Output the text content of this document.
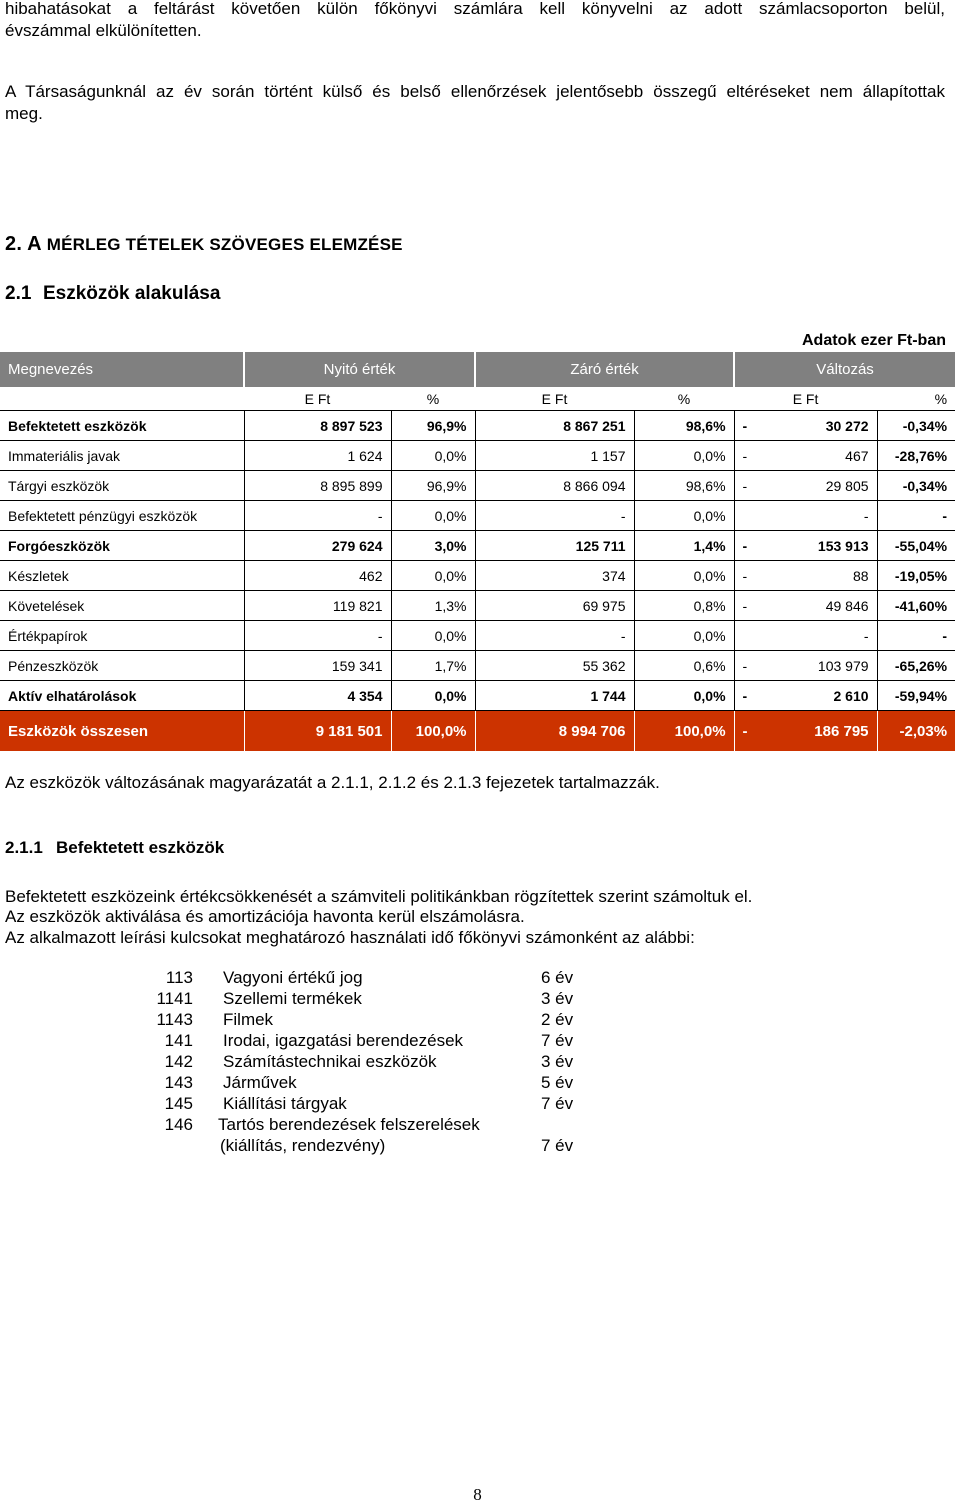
hibahatásokat a feltárást követően külön főkönyvi számlára kell könyvelni az adott számlacsoporton belül,

évszámmal elkülönítetten.

A Társaságunknál az év során történt külső és belső ellenőrzések jelentősebb összegű eltéréseket nem állapítottak

meg.

2. A MÉRLEG TÉTELEK SZÖVEGES ELEMZÉSE
2.1 Eszközök alakulása
Adatok ezer Ft-ban
Megnevezés	Nyitó érték		Záró érték		Változás		
	E Ft	%	E Ft	%	E Ft		%
Befektetett eszközök	8 897 523	96,9%	8 867 251	98,6%	-	30 272	-0,34%
Immateriális javak	1 624	0,0%	1 157	0,0%	-	467	-28,76%
Tárgyi eszközök	8 895 899	96,9%	8 866 094	98,6%	-	29 805	-0,34%
Befektetett pénzügyi eszközök	-	0,0%	-	0,0%		-	-
Forgóeszközök	279 624	3,0%	125 711	1,4%	-	153 913	-55,04%
Készletek	462	0,0%	374	0,0%	-	88	-19,05%
Követelések	119 821	1,3%	69 975	0,8%	-	49 846	-41,60%
Értékpapírok	-	0,0%	-	0,0%		-	-
Pénzeszközök	159 341	1,7%	55 362	0,6%	-	103 979	-65,26%
Aktív elhatárolások	4 354	0,0%	1 744	0,0%	-	2 610	-59,94%
Eszközök összesen	9 181 501	100,0%	8 994 706	100,0%	-	186 795	-2,03%

Az eszközök változásának magyarázatát a 2.1.1, 2.1.2 és 2.1.3 fejezetek tartalmazzák.

2.1.1 Befektetett eszközök

Befektetett eszközeink értékcsökkenését a számviteli politikánkban rögzítettek szerint számoltuk el.

Az eszközök aktiválása és amortizációja havonta kerül elszámolásra.

Az alkalmazott leírási kulcsokat meghatározó használati idő főkönyvi számonként az alábbi:

113	Vagyoni értékű jog	6 év
1141	Szellemi termékek	3 év
1143	Filmek	2 év
141	Irodai, igazgatási berendezések	7 év
142	Számítástechnikai eszközök	3 év
143	Járművek	5 év
145	Kiállítási tárgyak	7 év
146	Tartós berendezések felszerelések	
	(kiállítás, rendezvény)	7 év
8
